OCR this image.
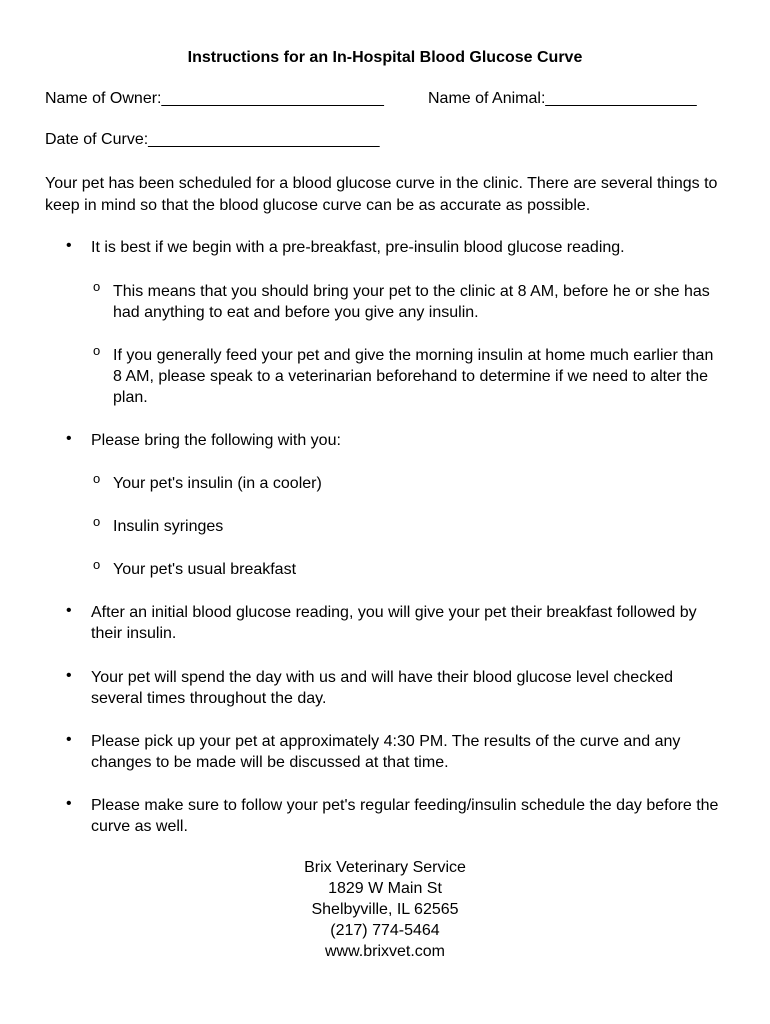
Instructions for an In-Hospital Blood Glucose Curve
Name of Owner:_________________________	Name of Animal:_________________
Date of Curve:__________________________
Your pet has been scheduled for a blood glucose curve in the clinic. There are several things to keep in mind so that the blood glucose curve can be as accurate as possible.
• It is best if we begin with a pre-breakfast, pre-insulin blood glucose reading.
o This means that you should bring your pet to the clinic at 8 AM, before he or she has had anything to eat and before you give any insulin.
o If you generally feed your pet and give the morning insulin at home much earlier than 8 AM, please speak to a veterinarian beforehand to determine if we need to alter the plan.
• Please bring the following with you:
o Your pet's insulin (in a cooler)
o Insulin syringes
o Your pet's usual breakfast
• After an initial blood glucose reading, you will give your pet their breakfast followed by their insulin.
• Your pet will spend the day with us and will have their blood glucose level checked several times throughout the day.
• Please pick up your pet at approximately 4:30 PM. The results of the curve and any changes to be made will be discussed at that time.
• Please make sure to follow your pet's regular feeding/insulin schedule the day before the curve as well.
Brix Veterinary Service
1829 W Main St
Shelbyville, IL 62565
(217) 774-5464
www.brixvet.com
